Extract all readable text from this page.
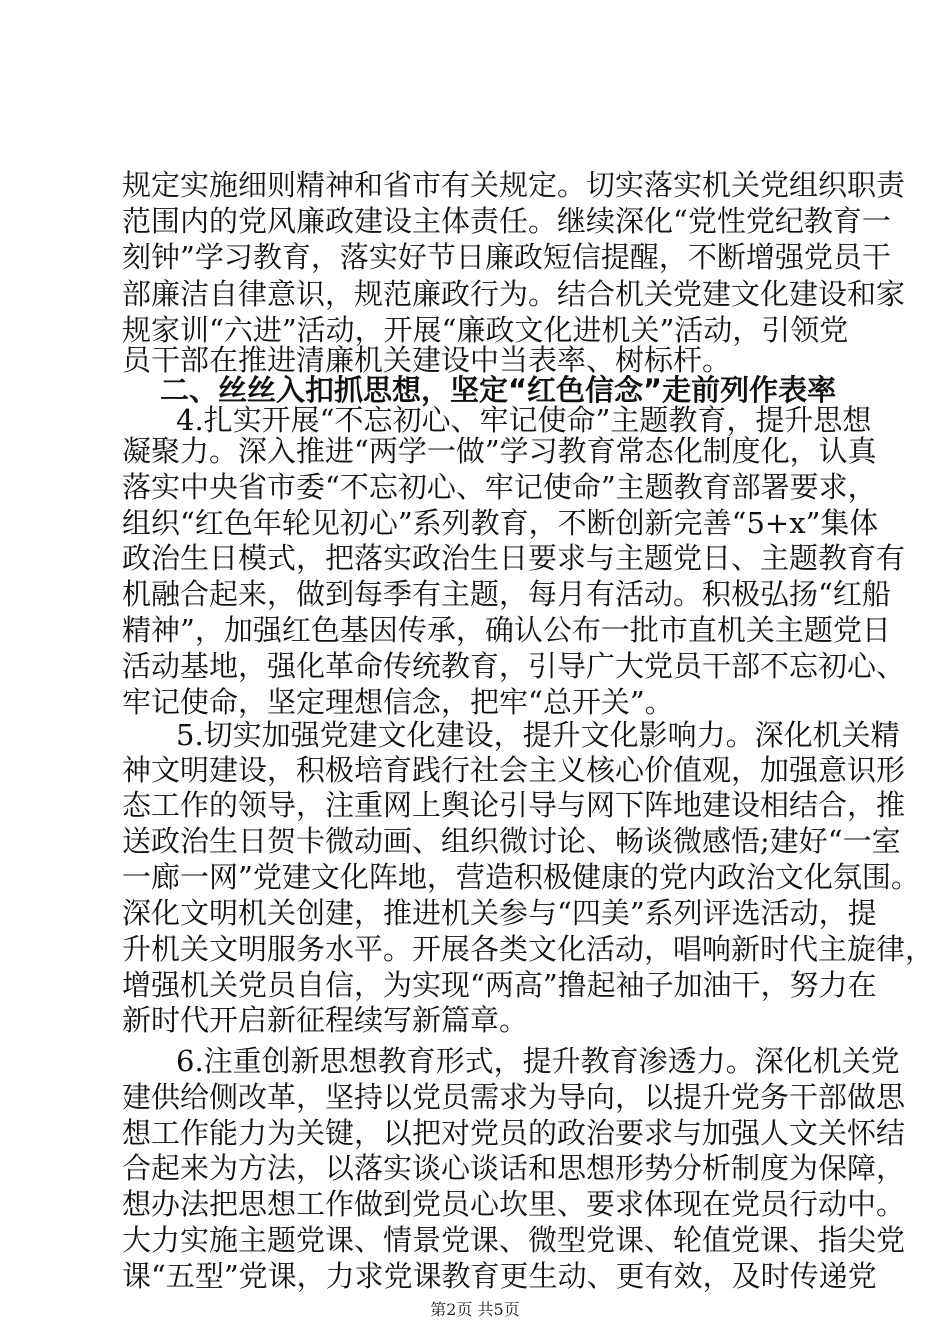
规定实施细则精神和省市有关规定。切实落实机关党组织职责
范围内的党风廉政建设主体责任。继续深化“党性党纪教育一
刻钟”学习教育，落实好节日廉政短信提醒，不断增强党员干
部廉洁自律意识，规范廉政行为。结合机关党建文化建设和家
规家训“六进”活动，开展“廉政文化进机关”活动，引领党
员干部在推进清廉机关建设中当表率、树标杆。
二、丝丝入扣抓思想，坚定“红色信念”走前列作表率
4.扎实开展“不忘初心、牢记使命”主题教育，提升思想
凝聚力。深入推进“两学一做”学习教育常态化制度化，认真
落实中央省市委“不忘初心、牢记使命”主题教育部署要求，
组织“红色年轮见初心”系列教育，不断创新完善“5+x”集体
政治生日模式，把落实政治生日要求与主题党日、主题教育有
机融合起来，做到每季有主题，每月有活动。积极弘扬“红船
精神”，加强红色基因传承，确认公布一批市直机关主题党日
活动基地，强化革命传统教育，引导广大党员干部不忘初心、
牢记使命，坚定理想信念，把牢“总开关”。
5.切实加强党建文化建设，提升文化影响力。深化机关精
神文明建设，积极培育践行社会主义核心价值观，加强意识形
态工作的领导，注重网上舆论引导与网下阵地建设相结合，推
送政治生日贺卡微动画、组织微讨论、畅谈微感悟;建好“一室
一廊一网”党建文化阵地，营造积极健康的党内政治文化氛围。
深化文明机关创建，推进机关参与“四美”系列评选活动，提
升机关文明服务水平。开展各类文化活动，唱响新时代主旋律，
增强机关党员自信，为实现“两高”撸起袖子加油干，努力在
新时代开启新征程续写新篇章。
6.注重创新思想教育形式，提升教育渗透力。深化机关党
建供给侧改革，坚持以党员需求为导向，以提升党务干部做思
想工作能力为关键，以把对党员的政治要求与加强人文关怀结
合起来为方法，以落实谈心谈话和思想形势分析制度为保障，
想办法把思想工作做到党员心坎里、要求体现在党员行动中。
大力实施主题党课、情景党课、微型党课、轮值党课、指尖党
课“五型”党课，力求党课教育更生动、更有效，及时传递党
第2页 共5页
